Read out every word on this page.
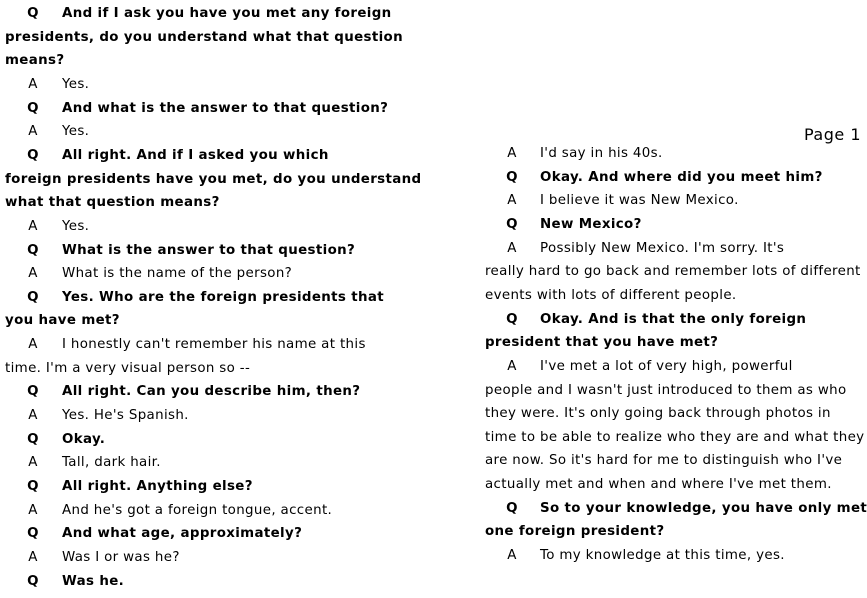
Page 1
Q	And if I ask you have you met any foreign
presidents, do you understand what that question
means?
A	Yes.
Q	And what is the answer to that question?
A	Yes.
Q	All right. And if I asked you which
foreign presidents have you met, do you understand
what that question means?
A	Yes.
Q	What is the answer to that question?
A	What is the name of the person?
Q	Yes. Who are the foreign presidents that
you have met?
A	I honestly can't remember his name at this
time. I'm a very visual person so --
Q	All right. Can you describe him, then?
A	Yes. He's Spanish.
Q	Okay.
A	Tall, dark hair.
Q	All right. Anything else?
A	And he's got a foreign tongue, accent.
Q	And what age, approximately?
A	Was I or was he?
Q	Was he.
A	I'd say in his 40s.
Q	Okay. And where did you meet him?
A	I believe it was New Mexico.
Q	New Mexico?
A	Possibly New Mexico. I'm sorry. It's
really hard to go back and remember lots of different
events with lots of different people.
Q	Okay. And is that the only foreign
president that you have met?
A	I've met a lot of very high, powerful
people and I wasn't just introduced to them as who
they were. It's only going back through photos in
time to be able to realize who they are and what they
are now. So it's hard for me to distinguish who I've
actually met and when and where I've met them.
Q	So to your knowledge, you have only met
one foreign president?
A	To my knowledge at this time, yes.
